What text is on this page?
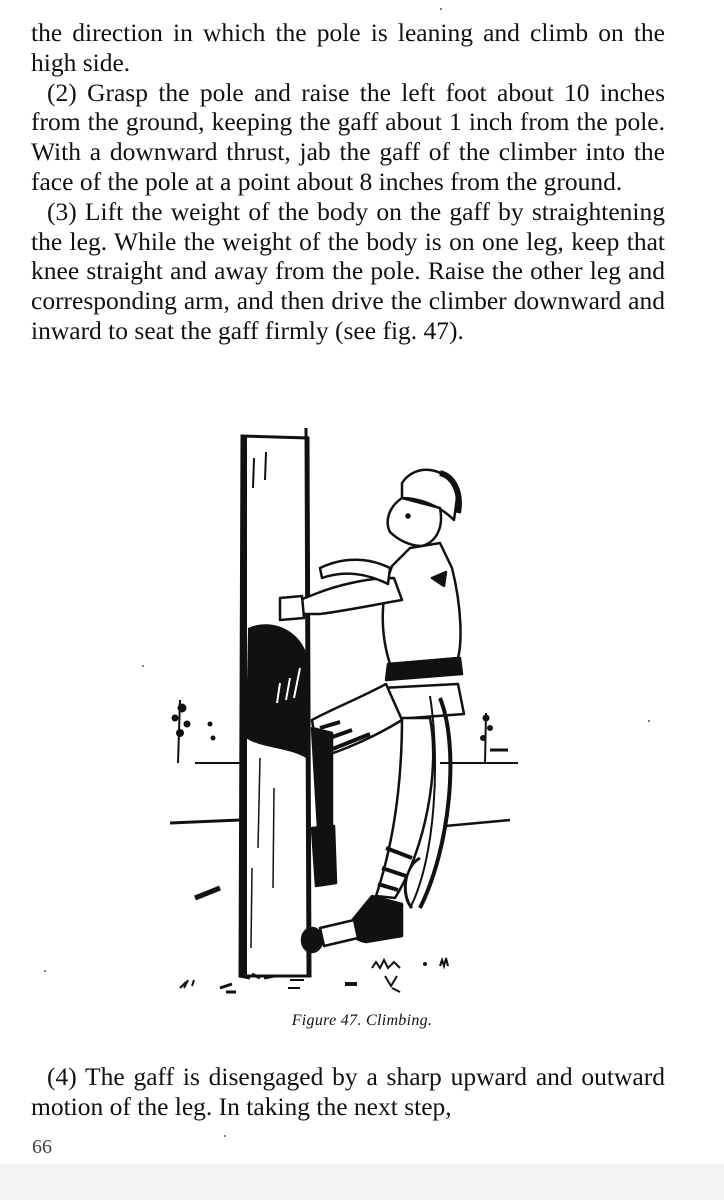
the direction in which the pole is leaning and climb on the high side.

(2) Grasp the pole and raise the left foot about 10 inches from the ground, keeping the gaff about 1 inch from the pole. With a downward thrust, jab the gaff of the climber into the face of the pole at a point about 8 inches from the ground.

(3) Lift the weight of the body on the gaff by straightening the leg. While the weight of the body is on one leg, keep that knee straight and away from the pole. Raise the other leg and corresponding arm, and then drive the climber downward and inward to seat the gaff firmly (see fig. 47).

Figure 47. Climbing.

(4) The gaff is disengaged by a sharp upward and outward motion of the leg. In taking the next step,

66
